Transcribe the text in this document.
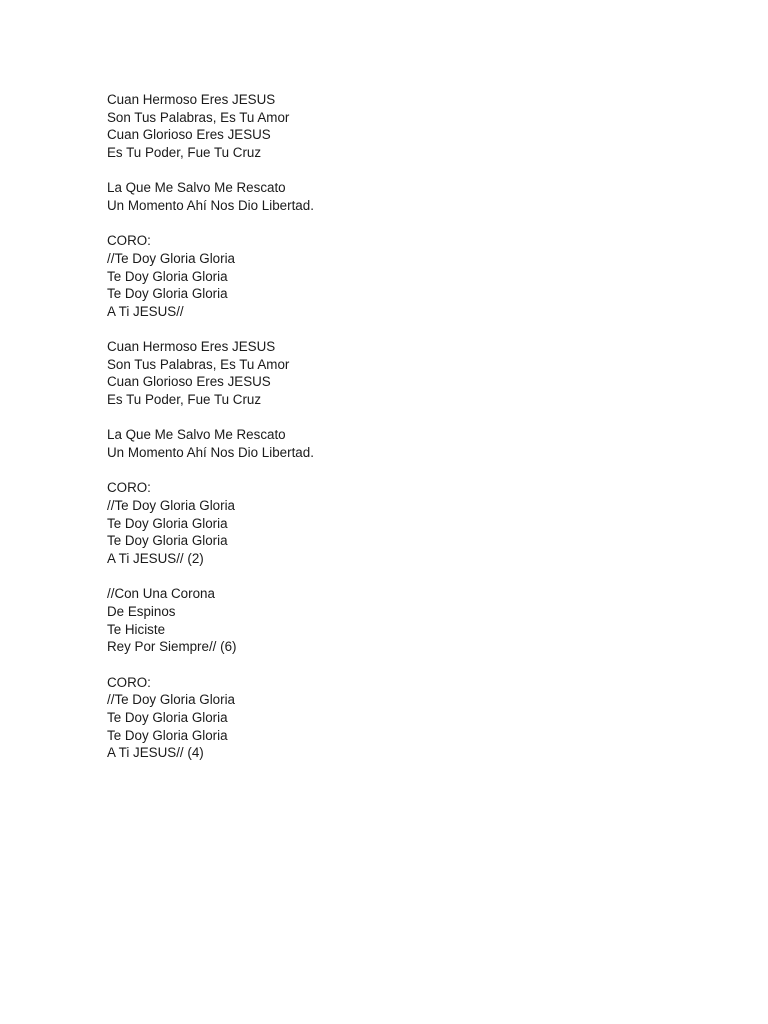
Cuan Hermoso Eres JESUS
Son Tus Palabras, Es Tu Amor
Cuan Glorioso Eres JESUS
Es Tu Poder, Fue Tu Cruz
La Que Me Salvo Me Rescato
Un Momento Ahí Nos Dio Libertad.
CORO:
//Te Doy Gloria Gloria
Te Doy Gloria Gloria
Te Doy Gloria Gloria
A Ti JESUS//
Cuan Hermoso Eres JESUS
Son Tus Palabras, Es Tu Amor
Cuan Glorioso Eres JESUS
Es Tu Poder, Fue Tu Cruz
La Que Me Salvo Me Rescato
Un Momento Ahí Nos Dio Libertad.
CORO:
//Te Doy Gloria Gloria
Te Doy Gloria Gloria
Te Doy Gloria Gloria
A Ti JESUS// (2)
//Con Una Corona
De Espinos
Te Hiciste
Rey Por Siempre// (6)
CORO:
//Te Doy Gloria Gloria
Te Doy Gloria Gloria
Te Doy Gloria Gloria
A Ti JESUS// (4)
